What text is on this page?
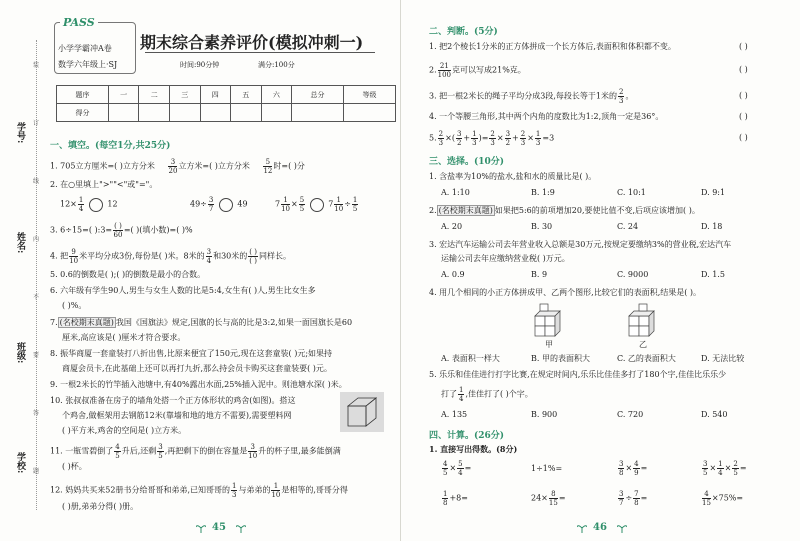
学号:
姓名:
班级:
学校:
装
订
线
内
不
要
答
题
PASS
小学学霸冲A卷
数学六年级上·SJ
期末综合素养评价(模拟冲刺一)
时间:90分钟	满分:100分
题序	一	二	三	四	五	六	总分	等级
得分								
一、填空。(每空1分,共25分)
1. 705立方厘米=( )立方分米 $\frac{3}{20}$ 立方米=( )立方分米 $\frac{5}{12}$ 时=( )分
2. 在○里填上">""<"或"="。
$12\times \frac{1}{4}$	12	$49\div \frac{3}{7}$	49	$7 \frac{1}{10} \times \frac{5}{5}$	$7 \frac{1}{10} \div \frac{1}{5}$
3. 6÷15=( ):3= $\frac{( )}{60}$ =( )(填小数)=( )%
4. 把 $\frac{9}{10}$ 米平均分成3份,每份是( )米。8米的 $\frac{3}{4}$ 和30米的 $\frac{( )}{( )}$ 同样长。
5. 0.6的倒数是( );( )的倒数是最小的合数。
6. 六年级有学生90人,男生与女生人数的比是5:4,女生有( )人,男生比女生多
( )%。
7. (名校期末真题) 我国《国旗法》规定,国旗的长与高的比是3:2,如果一面国旗长是60
厘米,高应该是( )厘米才符合要求。
8. 振华商厦一套童装打八折出售,比原来便宜了150元,现在这套童装( )元;如果持
商厦会员卡,在此基础上还可以再打九折,那么持会员卡购买这套童装要( )元。
9. 一根2米长的竹竿插入池塘中,有40%露出水面,25%插入泥中。则池塘水深( )米。
10. 张叔叔准备在房子的墙角处搭一个正方体形状的鸡舍(如图)。搭这
个鸡舍,做框架用去钢筋12米(靠墙和地的地方不需要),需要塑料网
( )平方米,鸡舍的空间是( )立方米。
11. 一瓶雪碧倒了 $\frac{4}{5}$ 升后,还剩 $\frac{3}{5}$ ,再把剩下的倒在容量是 $\frac{3}{10}$ 升的杯子里,最多能倒满
( )杯。
12. 妈妈共买来52册书分给哥哥和弟弟,已知哥哥的 $\frac{1}{3}$ 与弟弟的 $\frac{1}{10}$ 是相等的,哥哥分得
( )册,弟弟分得( )册。
45
二、判断。(5分)
1. 把2个棱长1分米的正方体拼成一个长方体后,表面积和体积都不变。	( )
2. $\frac{21}{100}$ 克可以写成21%克。	( )
3. 把一根2米长的绳子平均分成3段,每段长等于1米的 $\frac{2}{3}$ 。	( )
4. 一个等腰三角形,其中两个内角的度数比为1:2,顶角一定是36°。	( )
5. $\frac{2}{3}$ ×( $\frac{3}{2} + \frac{1}{3}$ )= $\frac{2}{3} \times \frac{3}{2} + \frac{2}{3} \times \frac{1}{3} =3$	( )
三、选择。(10分)
1. 含盐率为10%的盐水,盐和水的质量比是( )。
A. 1:10	B. 1:9	C. 10:1	D. 9:1
2. (名校期末真题) 如果把5:6的前项增加20,要使比值不变,后项应该增加( )。
A. 20	B. 30	C. 24	D. 18
3. 宏达汽车运输公司去年营业收入总额是30万元,按规定要缴纳3%的营业税,宏达汽车
运输公司去年应缴纳营业税( )万元。
A. 0.9	B. 9	C. 9000	D. 1.5
4. 用几个相同的小正方体拼成甲、乙两个图形,比较它们的表面积,结果是( )。
甲	乙
A. 表面积一样大	B. 甲的表面积大	C. 乙的表面积大	D. 无法比较
5. 乐乐和佳佳进行打字比赛,在规定时间内,乐乐比佳佳多打了180个字,佳佳比乐乐少
打了 $\frac{1}{4}$ ,佳佳打了( )个字。
A. 135	B. 900	C. 720	D. 540
四、计算。(26分)
1. 直接写出得数。(8分)
$\frac{4}{5} \times \frac{5}{4}$ =	1÷1%=	$\frac{3}{8} \times \frac{4}{9}$ =	$\frac{3}{5} \times \frac{1}{4} \times \frac{2}{5}$ =
$\frac{1}{8} +8=$	$24\times \frac{8}{15}$ =	$\frac{3}{7} \div \frac{7}{8}$ =	$\frac{4}{15} \times 75\%=$
46
